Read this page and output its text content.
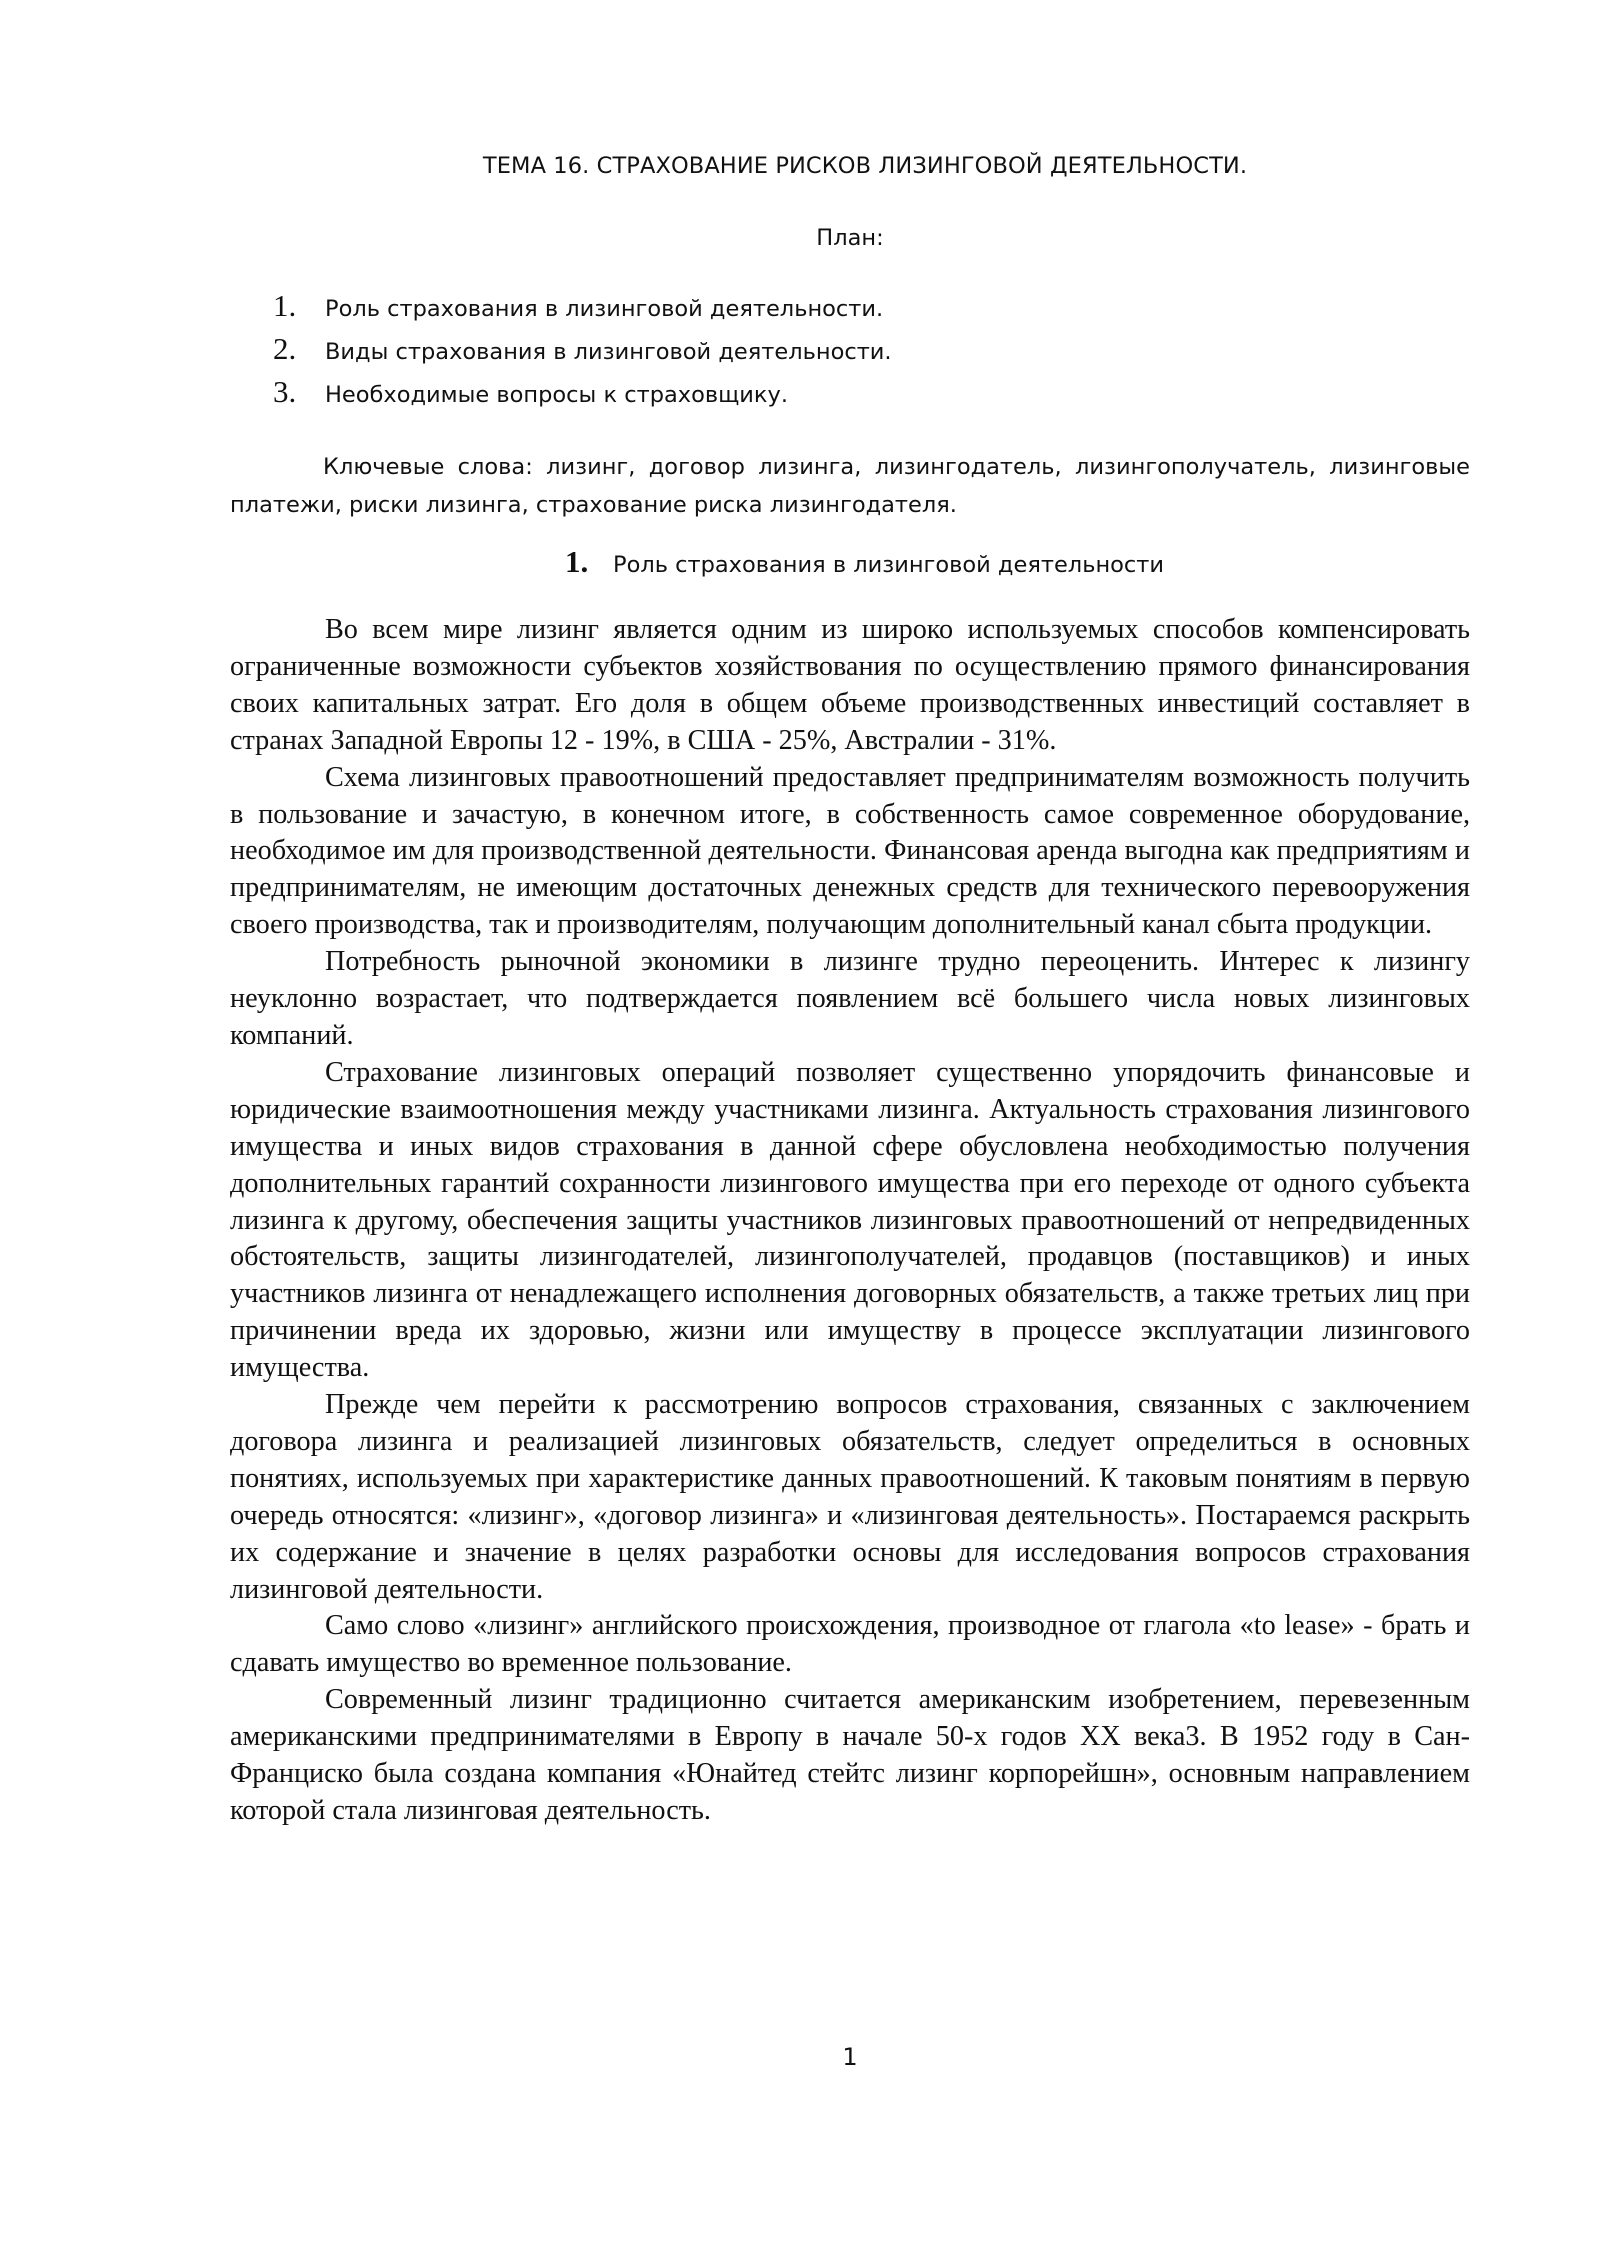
ТЕМА 16. СТРАХОВАНИЕ РИСКОВ ЛИЗИНГОВОЙ ДЕЯТЕЛЬНОСТИ.
План:
1.	Роль страхования в лизинговой деятельности.
2.	Виды страхования в лизинговой деятельности.
3.	Необходимые вопросы к страховщику.

Ключевые слова: лизинг, договор лизинга, лизингодатель, лизингополучатель, лизинговые платежи, риски лизинга, страхование риска лизингодателя.

1.	Роль страхования в лизинговой деятельности

Во всем мире лизинг является одним из широко используемых способов компенсировать ограниченные возможности субъектов хозяйствования по осуществлению прямого финансирования своих капитальных затрат. Его доля в общем объеме производственных инвестиций составляет в странах Западной Европы 12 - 19%, в США - 25%, Австралии - 31%.

Схема лизинговых правоотношений предоставляет предпринимателям возможность получить в пользование и зачастую, в конечном итоге, в собственность самое современное оборудование, необходимое им для производственной деятельности. Финансовая аренда выгодна как предприятиям и предпринимателям, не имеющим достаточных денежных средств для технического перевооружения своего производства, так и производителям, получающим дополнительный канал сбыта продукции.

Потребность рыночной экономики в лизинге трудно переоценить. Интерес к лизингу неуклонно возрастает, что подтверждается появлением всё большего числа новых лизинговых компаний.

Страхование лизинговых операций позволяет существенно упорядочить финансовые и юридические взаимоотношения между участниками лизинга. Актуальность страхования лизингового имущества и иных видов страхования в данной сфере обусловлена необходимостью получения дополнительных гарантий сохранности лизингового имущества при его переходе от одного субъекта лизинга к другому, обеспечения защиты участников лизинговых правоотношений от непредвиденных обстоятельств, защиты лизингодателей, лизингополучателей, продавцов (поставщиков) и иных участников лизинга от ненадлежащего исполнения договорных обязательств, а также третьих лиц при причинении вреда их здоровью, жизни или имуществу в процессе эксплуатации лизингового имущества.

Прежде чем перейти к рассмотрению вопросов страхования, связанных с заключением договора лизинга и реализацией лизинговых обязательств, следует определиться в основных понятиях, используемых при характеристике данных правоотношений. К таковым понятиям в первую очередь относятся: «лизинг», «договор лизинга» и «лизинговая деятельность». Постараемся раскрыть их содержание и значение в целях разработки основы для исследования вопросов страхования лизинговой деятельности.

Само слово «лизинг» английского происхождения, производное от глагола «to lease» - брать и сдавать имущество во временное пользование.

Современный лизинг традиционно считается американским изобретением, перевезенным американскими предпринимателями в Европу в начале 50-х годов XX века3. В 1952 году в Сан-Франциско была создана компания «Юнайтед стейтс лизинг корпорейшн», основным направлением которой стала лизинговая деятельность.

1
